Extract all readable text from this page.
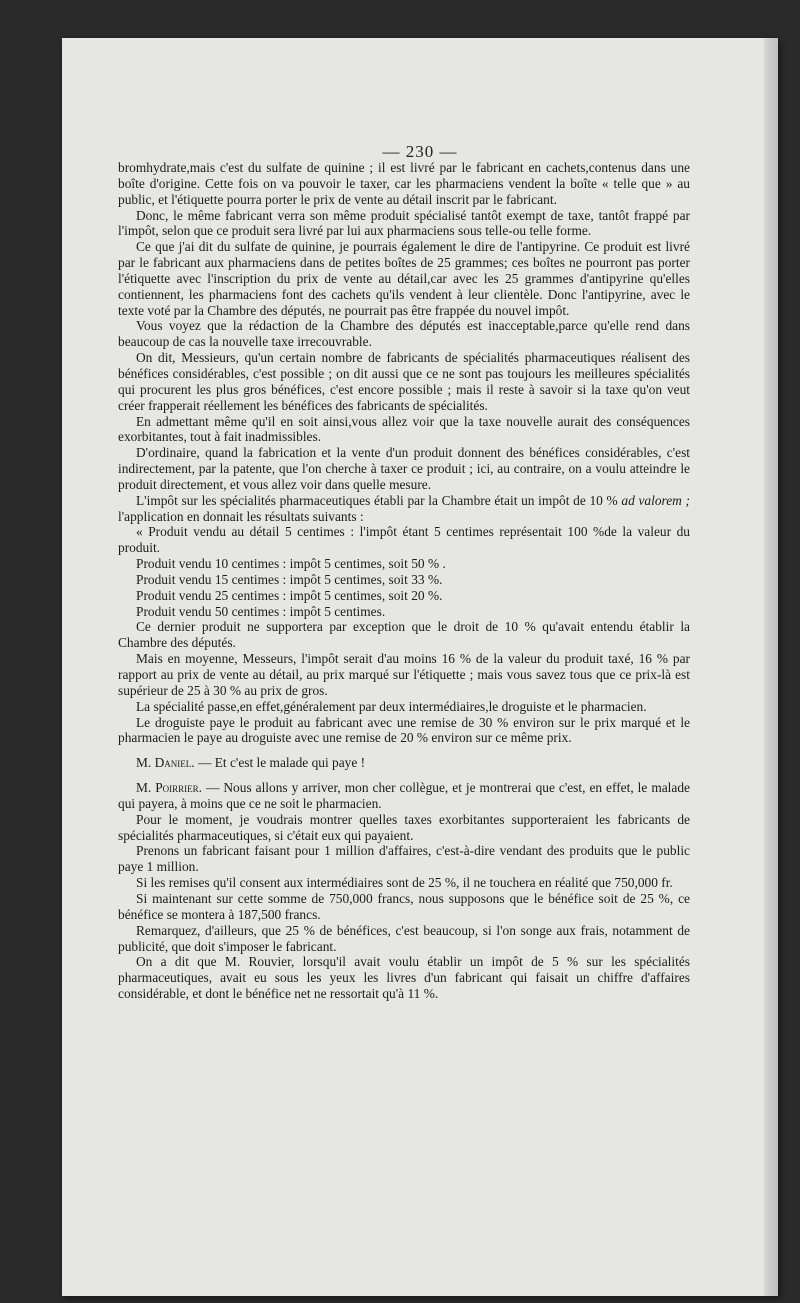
— 230 —

bromhydrate,mais c'est du sulfate de quinine ; il est livré par le fabricant en cachets,contenus dans une boîte d'origine. Cette fois on va pouvoir le taxer, car les pharmaciens vendent la boîte « telle que » au public, et l'étiquette pourra porter le prix de vente au détail inscrit par le fabricant.

Donc, le même fabricant verra son même produit spécialisé tantôt exempt de taxe, tantôt frappé par l'impôt, selon que ce produit sera livré par lui aux pharmaciens sous telle-ou telle forme.

Ce que j'ai dit du sulfate de quinine, je pourrais également le dire de l'antipyrine. Ce produit est livré par le fabricant aux pharmaciens dans de petites boîtes de 25 grammes; ces boîtes ne pourront pas porter l'étiquette avec l'inscription du prix de vente au détail,car avec les 25 grammes d'antipyrine qu'elles contiennent, les pharmaciens font des cachets qu'ils vendent à leur clientèle. Donc l'antipyrine, avec le texte voté par la Chambre des députés, ne pourrait pas être frappée du nouvel impôt.

Vous voyez que la rédaction de la Chambre des députés est inacceptable,parce qu'elle rend dans beaucoup de cas la nouvelle taxe irrecouvrable.

On dit, Messieurs, qu'un certain nombre de fabricants de spécialités pharmaceutiques réalisent des bénéfices considérables, c'est possible ; on dit aussi que ce ne sont pas toujours les meilleures spécialités qui procurent les plus gros bénéfices, c'est encore possible ; mais il reste à savoir si la taxe qu'on veut créer frapperait réellement les bénéfices des fabricants de spécialités.

En admettant même qu'il en soit ainsi,vous allez voir que la taxe nouvelle aurait des conséquences exorbitantes, tout à fait inadmissibles.

D'ordinaire, quand la fabrication et la vente d'un produit donnent des bénéfices considérables, c'est indirectement, par la patente, que l'on cherche à taxer ce produit ; ici, au contraire, on a voulu atteindre le produit directement, et vous allez voir dans quelle mesure.

L'impôt sur les spécialités pharmaceutiques établi par la Chambre était un impôt de 10 % ad valorem ; l'application en donnait les résultats suivants :

« Produit vendu au détail 5 centimes : l'impôt étant 5 centimes représentait 100 %de la valeur du produit.

Produit vendu 10 centimes : impôt 5 centimes, soit 50 % .

Produit vendu 15 centimes : impôt 5 centimes, soit 33 %.

Produit vendu 25 centimes : impôt 5 centimes, soit 20 %.

Produit vendu 50 centimes : impôt 5 centimes.

Ce dernier produit ne supportera par exception que le droit de 10 % qu'avait entendu établir la Chambre des députés.

Mais en moyenne, Messeurs, l'impôt serait d'au moins 16 % de la valeur du produit taxé, 16 % par rapport au prix de vente au détail, au prix marqué sur l'étiquette ; mais vous savez tous que ce prix-là est supérieur de 25 à 30 % au prix de gros.

La spécialité passe,en effet,généralement par deux intermédiaires,le droguiste et le pharmacien.

Le droguiste paye le produit au fabricant avec une remise de 30 % environ sur le prix marqué et le pharmacien le paye au droguiste avec une remise de 20 % environ sur ce même prix.

M. Daniel. — Et c'est le malade qui paye !

M. Poirrier. — Nous allons y arriver, mon cher collègue, et je montrerai que c'est, en effet, le malade qui payera, à moins que ce ne soit le pharmacien.

Pour le moment, je voudrais montrer quelles taxes exorbitantes supporteraient les fabricants de spécialités pharmaceutiques, si c'était eux qui payaient.

Prenons un fabricant faisant pour 1 million d'affaires, c'est-à-dire vendant des produits que le public paye 1 million.

Si les remises qu'il consent aux intermédiaires sont de 25 %, il ne touchera en réalité que 750,000 fr.

Si maintenant sur cette somme de 750,000 francs, nous supposons que le bénéfice soit de 25 %, ce bénéfice se montera à 187,500 francs.

Remarquez, d'ailleurs, que 25 % de bénéfices, c'est beaucoup, si l'on songe aux frais, notamment de publicité, que doit s'imposer le fabricant.

On a dit que M. Rouvier, lorsqu'il avait voulu établir un impôt de 5 % sur les spécialités pharmaceutiques, avait eu sous les yeux les livres d'un fabricant qui faisait un chiffre d'affaires considérable, et dont le bénéfice net ne ressortait qu'à 11 %.
